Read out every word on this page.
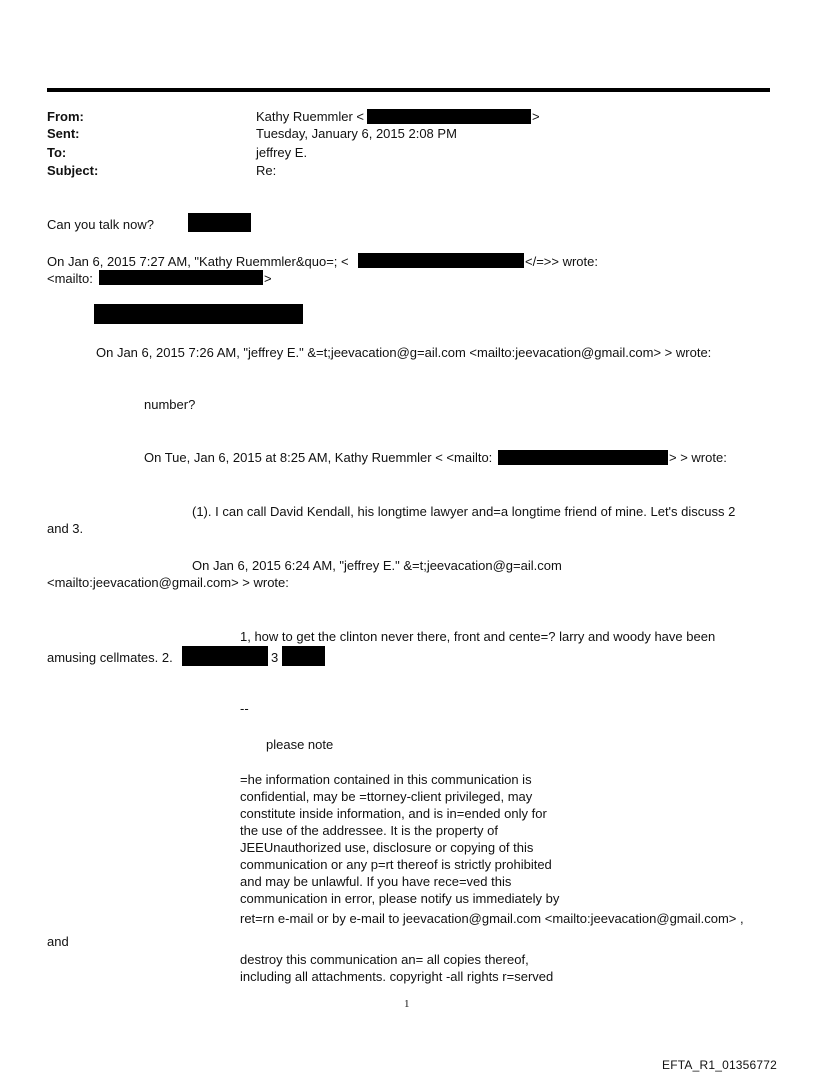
From:	Kathy Ruemmler <	>
Sent:	Tuesday, January 6, 2015 2:08 PM
To:	jeffrey E.
Subject:	Re:
Can you talk now?
On Jan 6, 2015 7:27 AM, "Kathy Ruemmler&quo=; <	</=>> wrote:
<mailto:	>
On Jan 6, 2015 7:26 AM, "jeffrey E." &=t;jeevacation@g=ail.com <mailto:jeevacation@gmail.com> > wrote:
number?
On Tue, Jan 6, 2015 at 8:25 AM, Kathy Ruemmler < <mailto:	> > wrote:
(1). I can call David Kendall, his longtime lawyer and=a longtime friend of mine. Let's discuss 2
and 3.
On Jan 6, 2015 6:24 AM, "jeffrey E." &=t;jeevacation@g=ail.com
<mailto:jeevacation@gmail.com> > wrote:
1, how to get the clinton never there, front and cente=? larry and woody have been
amusing cellmates. 2.	3
--
please note
=he information contained in this communication is
confidential, may be =ttorney-client privileged, may
constitute inside information, and is in=ended only for
the use of the addressee. It is the property of
JEEUnauthorized use, disclosure or copying of this
communication or any p=rt thereof is strictly prohibited
and may be unlawful. If you have rece=ved this
communication in error, please notify us immediately by
ret=rn e-mail or by e-mail to jeevacation@gmail.com <mailto:jeevacation@gmail.com> ,
and
destroy this communication an= all copies thereof,
including all attachments. copyright -all rights r=served
1
EFTA_R1_01356772
